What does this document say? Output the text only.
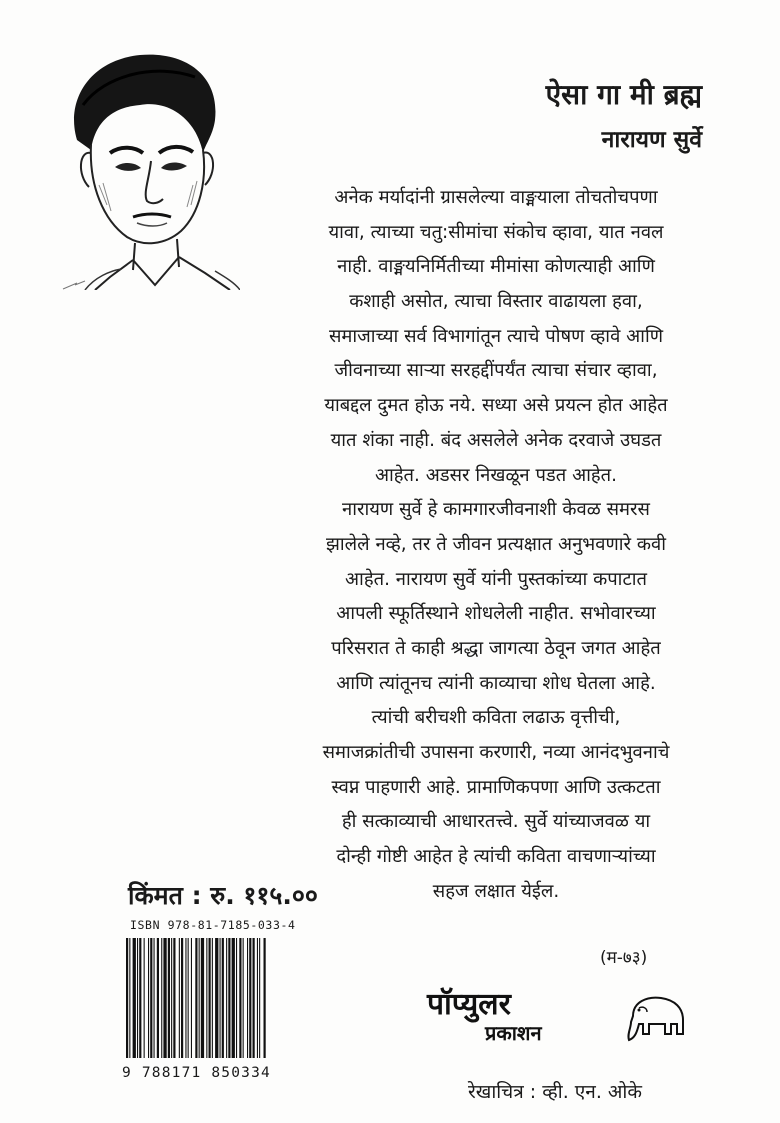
ऐसा गा मी ब्रह्म
नारायण सुर्वे
अनेक मर्यादांनी ग्रासलेल्या वाङ्मयाला तोचतोचपणा
यावा, त्याच्या चतु:सीमांचा संकोच व्हावा, यात नवल
नाही. वाङ्मयनिर्मितीच्या मीमांसा कोणत्याही आणि
कशाही असोत, त्याचा विस्तार वाढायला हवा,
समाजाच्या सर्व विभागांतून त्याचे पोषण व्हावे आणि
जीवनाच्या साऱ्या सरहद्दींपर्यंत त्याचा संचार व्हावा,
याबद्दल दुमत होऊ नये. सध्या असे प्रयत्न होत आहेत
यात शंका नाही. बंद असलेले अनेक दरवाजे उघडत
आहेत. अडसर निखळून पडत आहेत.
नारायण सुर्वे हे कामगारजीवनाशी केवळ समरस
झालेले नव्हे, तर ते जीवन प्रत्यक्षात अनुभवणारे कवी
आहेत. नारायण सुर्वे यांनी पुस्तकांच्या कपाटात
आपली स्फूर्तिस्थाने शोधलेली नाहीत. सभोवारच्या
परिसरात ते काही श्रद्धा जागत्या ठेवून जगत आहेत
आणि त्यांतूनच त्यांनी काव्याचा शोध घेतला आहे.
त्यांची बरीचशी कविता लढाऊ वृत्तीची,
समाजक्रांतीची उपासना करणारी, नव्या आनंदभुवनाचे
स्वप्न पाहणारी आहे. प्रामाणिकपणा आणि उत्कटता
ही सत्काव्याची आधारतत्त्वे. सुर्वे यांच्याजवळ या
दोन्ही गोष्टी आहेत हे त्यांची कविता वाचणाऱ्यांच्या
सहज लक्षात येईल.
किंमत : रु. ११५.००
ISBN 978-81-7185-033-4
9 788171 850334
(म-७३)
पॉप्युलर
प्रकाशन
रेखाचित्र : व्ही. एन. ओके
